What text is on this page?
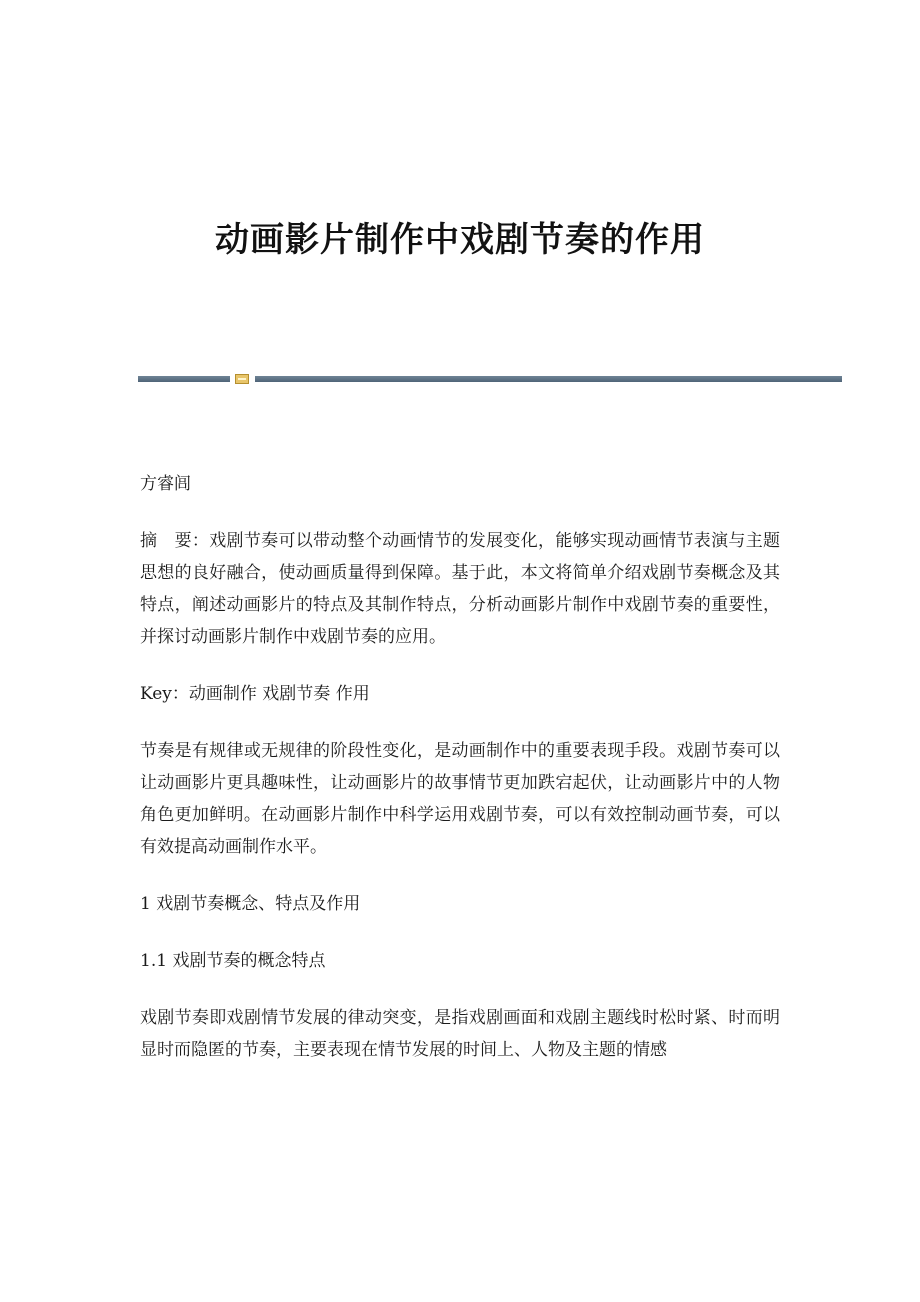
动画影片制作中戏剧节奏的作用

方睿闾

摘　要：戏剧节奏可以带动整个动画情节的发展变化，能够实现动画情节表演与主题思想的良好融合，使动画质量得到保障。基于此，本文将简单介绍戏剧节奏概念及其特点，阐述动画影片的特点及其制作特点，分析动画影片制作中戏剧节奏的重要性，并探讨动画影片制作中戏剧节奏的应用。

Key：动画制作 戏剧节奏 作用

节奏是有规律或无规律的阶段性变化，是动画制作中的重要表现手段。戏剧节奏可以让动画影片更具趣味性，让动画影片的故事情节更加跌宕起伏，让动画影片中的人物角色更加鲜明。在动画影片制作中科学运用戏剧节奏，可以有效控制动画节奏，可以有效提高动画制作水平。

1 戏剧节奏概念、特点及作用

1.1 戏剧节奏的概念特点

戏剧节奏即戏剧情节发展的律动突变，是指戏剧画面和戏剧主题线时松时紧、时而明显时而隐匿的节奏，主要表现在情节发展的时间上、人物及主题的情感
